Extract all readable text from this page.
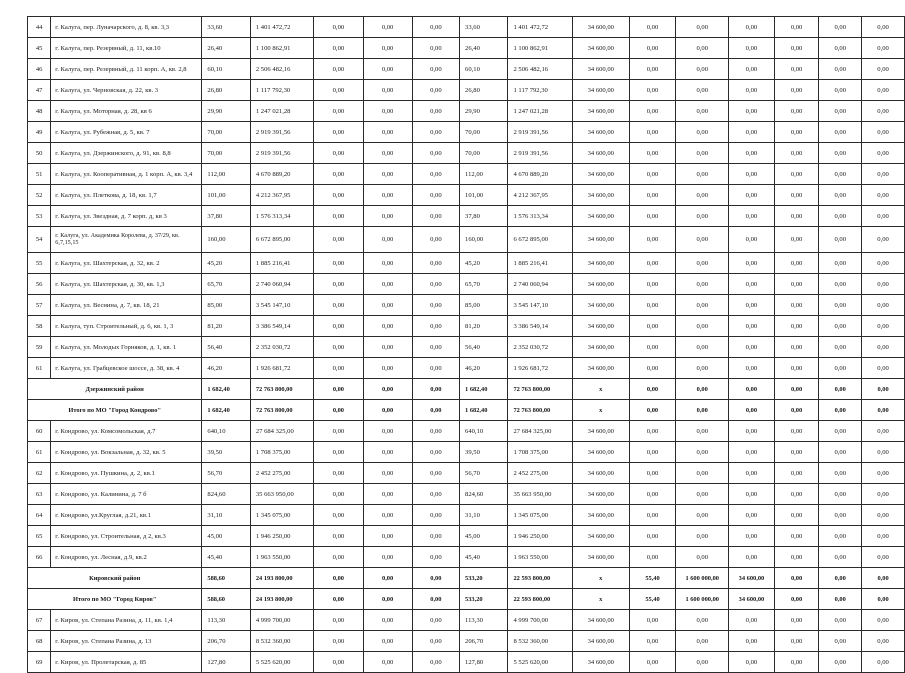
44	г. Калуга, пер. Луначарского, д. 8, кв. 3,3	33,60	1 401 472,72	0,00	0,00	0,00	33,60	1 401 472,72	34 600,00	0,00	0,00	0,00	0,00	0,00	0,00
45	г. Калуга, пер. Резервный, д. 11, кв.10	26,40	1 100 862,91	0,00	0,00	0,00	26,40	1 100 862,91	34 600,00	0,00	0,00	0,00	0,00	0,00	0,00
46	г. Калуга, пер. Резервный, д. 11 корп. А, кв. 2,8	60,10	2 506 482,16	0,00	0,00	0,00	60,10	2 506 482,16	34 600,00	0,00	0,00	0,00	0,00	0,00	0,00
47	г. Калуга, ул. Черновская, д. 22, кв. 3	26,80	1 117 792,30	0,00	0,00	0,00	26,80	1 117 792,30	34 600,00	0,00	0,00	0,00	0,00	0,00	0,00
48	г. Калуга, ул. Моторная, д. 28, кв 6	29,90	1 247 021,28	0,00	0,00	0,00	29,90	1 247 021,28	34 600,00	0,00	0,00	0,00	0,00	0,00	0,00
49	г. Калуга, ул. Рубежная, д. 5, кв. 7	70,00	2 919 391,56	0,00	0,00	0,00	70,00	2 919 391,56	34 600,00	0,00	0,00	0,00	0,00	0,00	0,00
50	г. Калуга, ул. Дзержинского, д. 91, кв. 8,8	70,00	2 919 391,56	0,00	0,00	0,00	70,00	2 919 391,56	34 600,00	0,00	0,00	0,00	0,00	0,00	0,00
51	г. Калуга, ул. Кооперативная, д. 1 корп. А, кв. 3,4	112,00	4 670 889,20	0,00	0,00	0,00	112,00	4 670 889,20	34 600,00	0,00	0,00	0,00	0,00	0,00	0,00
52	г. Калуга, ул. Плеткова, д. 18, кв. 1,7	101,00	4 212 367,95	0,00	0,00	0,00	101,00	4 212 367,95	34 600,00	0,00	0,00	0,00	0,00	0,00	0,00
53	г. Калуга, ул. Звездная, д. 7 корп. д, кв 3	37,80	1 576 313,34	0,00	0,00	0,00	37,80	1 576 313,34	34 600,00	0,00	0,00	0,00	0,00	0,00	0,00
54	г. Калуга, ул. Академика Королева, д. 37/29, кв. 6,7,15,15	160,00	6 672 895,00	0,00	0,00	0,00	160,00	6 672 895,00	34 600,00	0,00	0,00	0,00	0,00	0,00	0,00
55	г. Калуга, ул. Шахтерская, д. 32, кв. 2	45,20	1 885 216,41	0,00	0,00	0,00	45,20	1 885 216,41	34 600,00	0,00	0,00	0,00	0,00	0,00	0,00
56	г. Калуга, ул. Шахтерская, д. 30, кв. 1,3	65,70	2 740 060,94	0,00	0,00	0,00	65,70	2 740 060,94	34 600,00	0,00	0,00	0,00	0,00	0,00	0,00
57	г. Калуга, ул. Веснина, д. 7, кв. 18, 21	85,00	3 545 147,10	0,00	0,00	0,00	85,00	3 545 147,10	34 600,00	0,00	0,00	0,00	0,00	0,00	0,00
58	г. Калуга, туп. Строительный, д. 6, кв. 1, 3	81,20	3 386 549,14	0,00	0,00	0,00	81,20	3 386 549,14	34 600,00	0,00	0,00	0,00	0,00	0,00	0,00
59	г. Калуга, ул. Молодых Горняков, д. 1, кв. 1	56,40	2 352 030,72	0,00	0,00	0,00	56,40	2 352 030,72	34 600,00	0,00	0,00	0,00	0,00	0,00	0,00
61	г. Калуга, ул. Грабцевское шоссе, д. 38, кв. 4	46,20	1 926 681,72	0,00	0,00	0,00	46,20	1 926 681,72	34 600,00	0,00	0,00	0,00	0,00	0,00	0,00
Дзержинский район		1 682,40	72 763 800,00	0,00	0,00	0,00	1 682,40	72 763 800,00	х	0,00	0,00	0,00	0,00	0,00	0,00
Итого по МО "Город Кондрово"		1 682,40	72 763 800,00	0,00	0,00	0,00	1 682,40	72 763 800,00	х	0,00	0,00	0,00	0,00	0,00	0,00
60	г. Кондрово, ул. Комсомольская, д.7	640,10	27 684 325,00	0,00	0,00	0,00	640,10	27 684 325,00	34 600,00	0,00	0,00	0,00	0,00	0,00	0,00
61	г. Кондрово, ул. Вокзальная, д. 32, кв. 5	39,50	1 708 375,00	0,00	0,00	0,00	39,50	1 708 375,00	34 600,00	0,00	0,00	0,00	0,00	0,00	0,00
62	г. Кондрово, ул. Пушкина, д. 2, кв.1	56,70	2 452 275,00	0,00	0,00	0,00	56,70	2 452 275,00	34 600,00	0,00	0,00	0,00	0,00	0,00	0,00
63	г. Кондрово, ул. Калинина, д. 7 б	824,60	35 663 950,00	0,00	0,00	0,00	824,60	35 663 950,00	34 600,00	0,00	0,00	0,00	0,00	0,00	0,00
64	г. Кондрово, ул.Круглая, д.21, кв.1	31,10	1 345 075,00	0,00	0,00	0,00	31,10	1 345 075,00	34 600,00	0,00	0,00	0,00	0,00	0,00	0,00
65	г. Кондрово, ул. Строительная, д 2, кв.3	45,00	1 946 250,00	0,00	0,00	0,00	45,00	1 946 250,00	34 600,00	0,00	0,00	0,00	0,00	0,00	0,00
66	г. Кондрово, ул. Лесная, д.9, кв.2	45,40	1 963 550,00	0,00	0,00	0,00	45,40	1 963 550,00	34 600,00	0,00	0,00	0,00	0,00	0,00	0,00
Кировский район		588,60	24 193 800,00	0,00	0,00	0,00	533,20	22 593 800,00	х	55,40	1 600 000,00	34 600,00	0,00	0,00	0,00
Итого по МО "Город Киров"		588,60	24 193 800,00	0,00	0,00	0,00	533,20	22 593 800,00	х	55,40	1 600 000,00	34 600,00	0,00	0,00	0,00
67	г. Киров, ул. Степана Разина, д. 11, кв. 1,4	113,30	4 999 700,00	0,00	0,00	0,00	113,30	4 999 700,00	34 600,00	0,00	0,00	0,00	0,00	0,00	0,00
68	г. Киров, ул. Степана Разина, д. 13	206,70	8 532 360,00	0,00	0,00	0,00	206,70	8 532 360,00	34 600,00	0,00	0,00	0,00	0,00	0,00	0,00
69	г. Киров, ул. Пролетарская, д. 85	127,80	5 525 620,00	0,00	0,00	0,00	127,80	5 525 620,00	34 600,00	0,00	0,00	0,00	0,00	0,00	0,00
